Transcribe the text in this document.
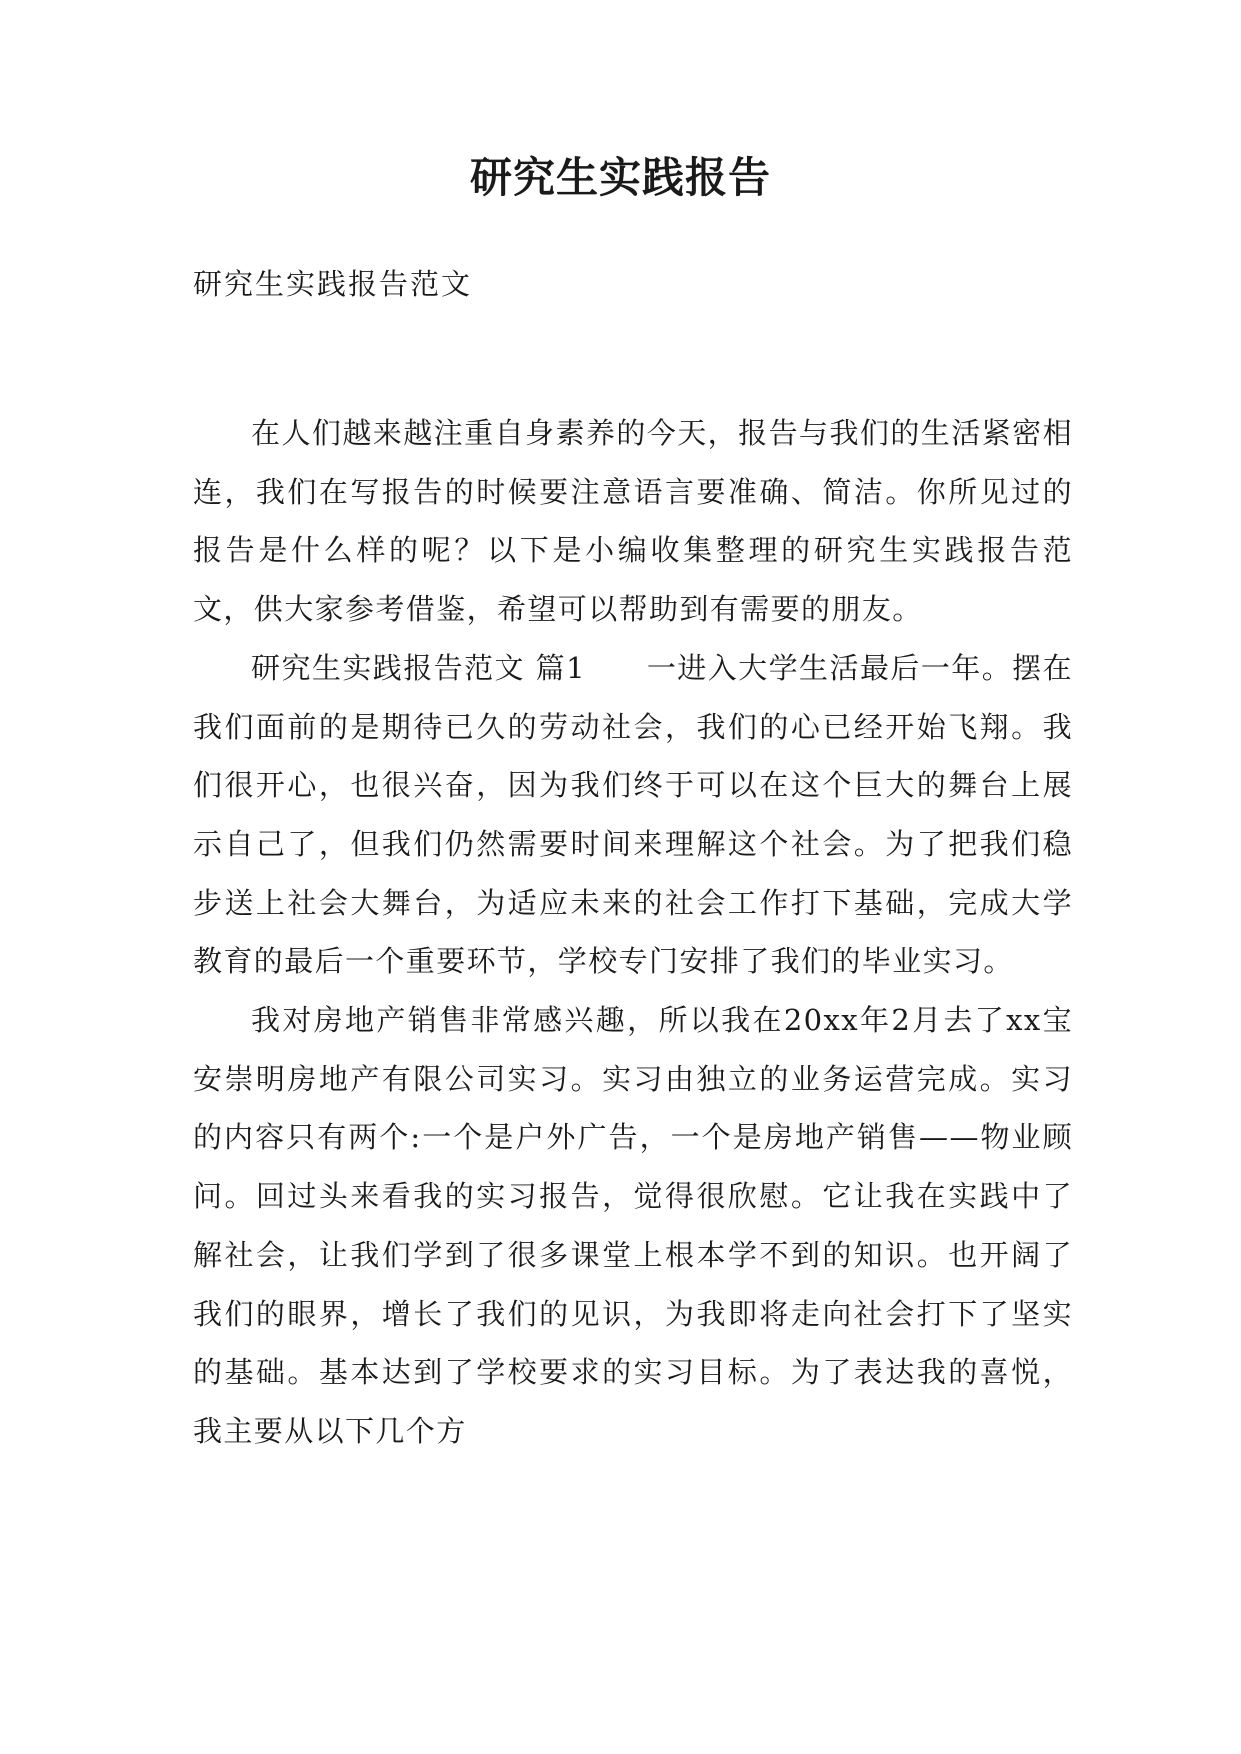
研究生实践报告
研究生实践报告范文

在人们越来越注重自身素养的今天，报告与我们的生活紧密相连，我们在写报告的时候要注意语言要准确、简洁。你所见过的报告是什么样的呢？以下是小编收集整理的研究生实践报告范文，供大家参考借鉴，希望可以帮助到有需要的朋友。

研究生实践报告范文 篇1　　一进入大学生活最后一年。摆在我们面前的是期待已久的劳动社会，我们的心已经开始飞翔。我们很开心，也很兴奋，因为我们终于可以在这个巨大的舞台上展示自己了，但我们仍然需要时间来理解这个社会。为了把我们稳步送上社会大舞台，为适应未来的社会工作打下基础，完成大学教育的最后一个重要环节，学校专门安排了我们的毕业实习。

我对房地产销售非常感兴趣，所以我在20xx年2月去了xx宝安崇明房地产有限公司实习。实习由独立的业务运营完成。实习的内容只有两个:一个是户外广告，一个是房地产销售——物业顾问。回过头来看我的实习报告，觉得很欣慰。它让我在实践中了解社会，让我们学到了很多课堂上根本学不到的知识。也开阔了我们的眼界，增长了我们的见识，为我即将走向社会打下了坚实的基础。基本达到了学校要求的实习目标。为了表达我的喜悦，我主要从以下几个方
